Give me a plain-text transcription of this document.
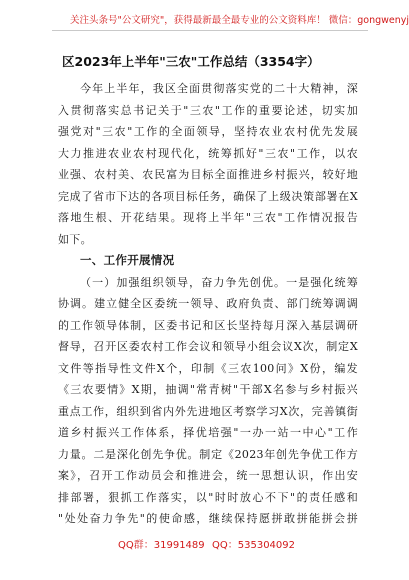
关注头条号"公文研究"，获得最新最全最专业的公文资料库！ 微信：gongwenyj
区2023年上半年"三农"工作总结（3354字）
今年上半年，我区全面贯彻落实党的二十大精神，深
入贯彻落实总书记关于"三农"工作的重要论述，切实加
强党对"三农"工作的全面领导，坚持农业农村优先发展
大力推进农业农村现代化，统筹抓好"三农"工作，以农
业强、农村美、农民富为目标全面推进乡村振兴，较好地
完成了省市下达的各项目标任务，确保了上级决策部署在X
落地生根、开花结果。现将上半年"三农"工作情况报告
如下。
一、工作开展情况
（一）加强组织领导，奋力争先创优。一是强化统筹
协调。建立健全区委统一领导、政府负责、部门统筹调调
的工作领导体制，区委书记和区长坚持每月深入基层调研
督导，召开区委农村工作会议和领导小组会议X次，制定X
文件等指导性文件X个，印制《三农100问》X份，编发
《三农要情》X期，抽调"常青树"干部X名参与乡村振兴
重点工作，组织到省内外先进地区考察学习X次，完善镇街
道乡村振兴工作体系，择优培强"一办一站一中心"工作
力量。二是深化创先争优。制定《2023年创先争优工作方
案》，召开工作动员会和推进会，统一思想认识，作出安
排部署，狠抓工作落实，以"时时放心不下"的责任感和
"处处奋力争先"的使命感，继续保持愿拼敢拼能拼会拼
QQ群：31991489 QQ：535304092
